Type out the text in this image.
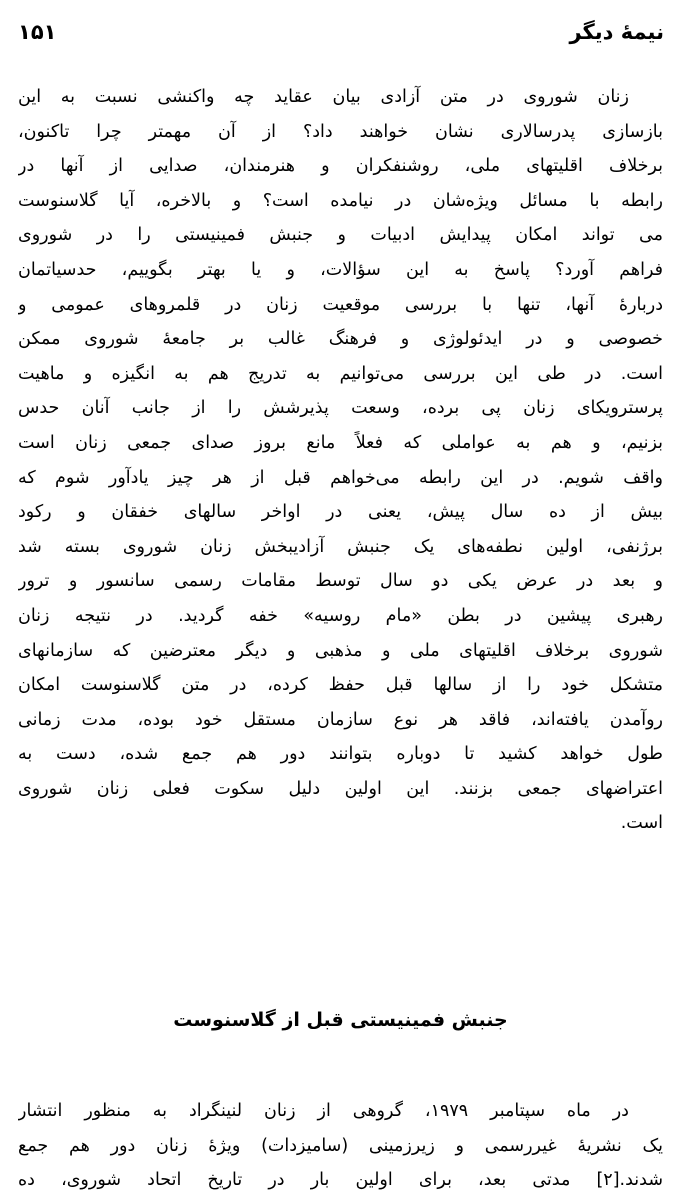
نیمهٔ دیگر
۱۵۱
زنان شوروی در متن آزادی بیان عقاید چه واکنشی نسبت به این
بازسازی پدرسالاری نشان خواهند داد؟ از آن مهمتر چرا تاکنون،
برخلاف اقلیتهای ملی، روشنفکران و هنرمندان، صدایی از آنها در
رابطه با مسائل ویژه‌شان در نیامده است؟ و بالاخره، آیا گلاسنوست
می تواند امکان پیدایش ادبیات و جنبش فمینیستی را در شوروی
فراهم آورد؟ پاسخ به این سؤالات، و یا بهتر بگوییم، حدسیاتمان
دربارهٔ آنها، تنها با بررسی موقعیت زنان در قلمروهای عمومی و
خصوصی و در ایدئولوژی و فرهنگ غالب بر جامعهٔ شوروی ممکن
است. در طی این بررسی می‌توانیم به تدریج هم به انگیزه و ماهیت
پرسترویکای زنان پی برده، وسعت پذیرشش را از جانب آنان حدس
بزنیم، و هم به عواملی که فعلاً مانع بروز صدای جمعی زنان است
واقف شویم. در این رابطه می‌خواهم قبل از هر چیز یادآور شوم که
بیش از ده سال پیش، یعنی در اواخر سالهای خفقان و رکود
برژنفی، اولین نطفه‌های یک جنبش آزادیبخش زنان شوروی بسته شد
و بعد در عرض یکی دو سال توسط مقامات رسمی سانسور و ترور
رهبری پیشین در بطن «مام روسیه» خفه گردید. در نتیجه زنان
شوروی برخلاف اقلیتهای ملی و مذهبی و دیگر معترضین که سازمانهای
متشکل خود را از سالها قبل حفظ کرده، در متن گلاسنوست امکان
روآمدن یافته‌اند، فاقد هر نوع سازمان مستقل خود بوده، مدت زمانی
طول خواهد کشید تا دوباره بتوانند دور هم جمع شده، دست به
اعتراضهای جمعی بزنند. این اولین دلیل سکوت فعلی زنان شوروی
است.
جنبش فمینیستی قبل از گلاسنوست
در ماه سپتامبر ۱۹۷۹، گروهی از زنان لنینگراد به منظور انتشار
یک نشریهٔ غیررسمی و زیرزمینی (سامیزدات) ویژهٔ زنان دور هم جمع
شدند.[۲] مدتی بعد، برای اولین بار در تاریخ اتحاد شوروی، ده
